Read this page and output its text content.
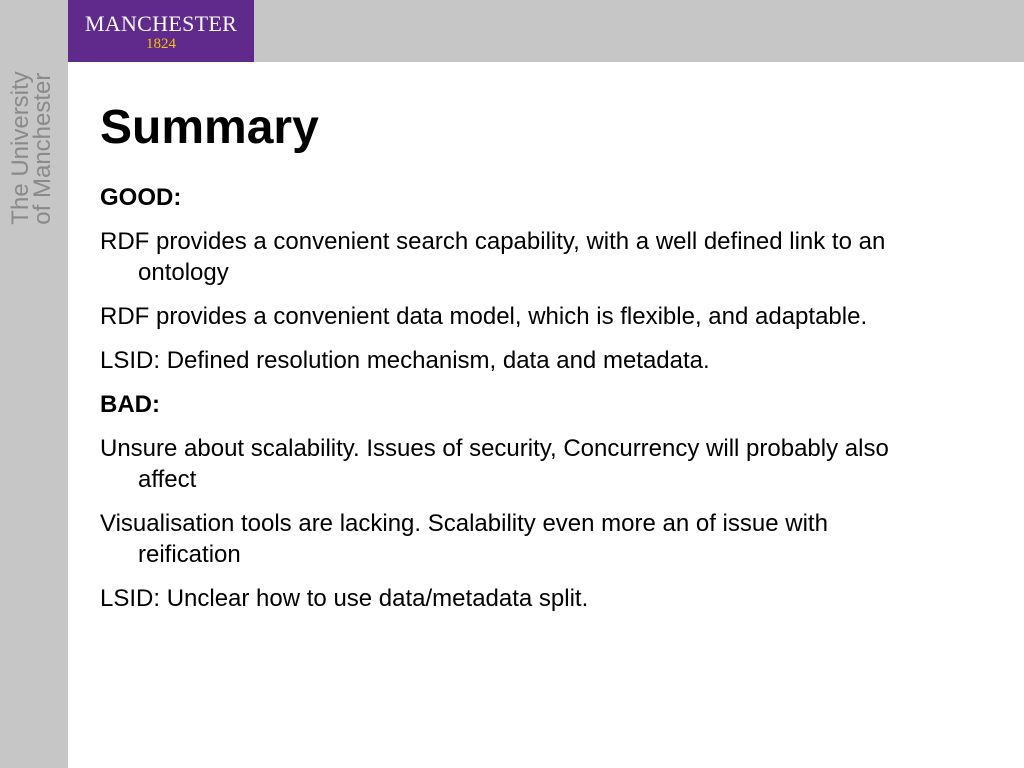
MANCHESTER
1824
The University
of Manchester Summary

GOOD:

RDF provides a convenient search capability, with a well defined link to an ontology

RDF provides a convenient data model, which is flexible, and adaptable.

LSID: Defined resolution mechanism, data and metadata.

BAD:

Unsure about scalability. Issues of security, Concurrency will probably also affect

Visualisation tools are lacking. Scalability even more an of issue with reification

LSID: Unclear how to use data/metadata split.
